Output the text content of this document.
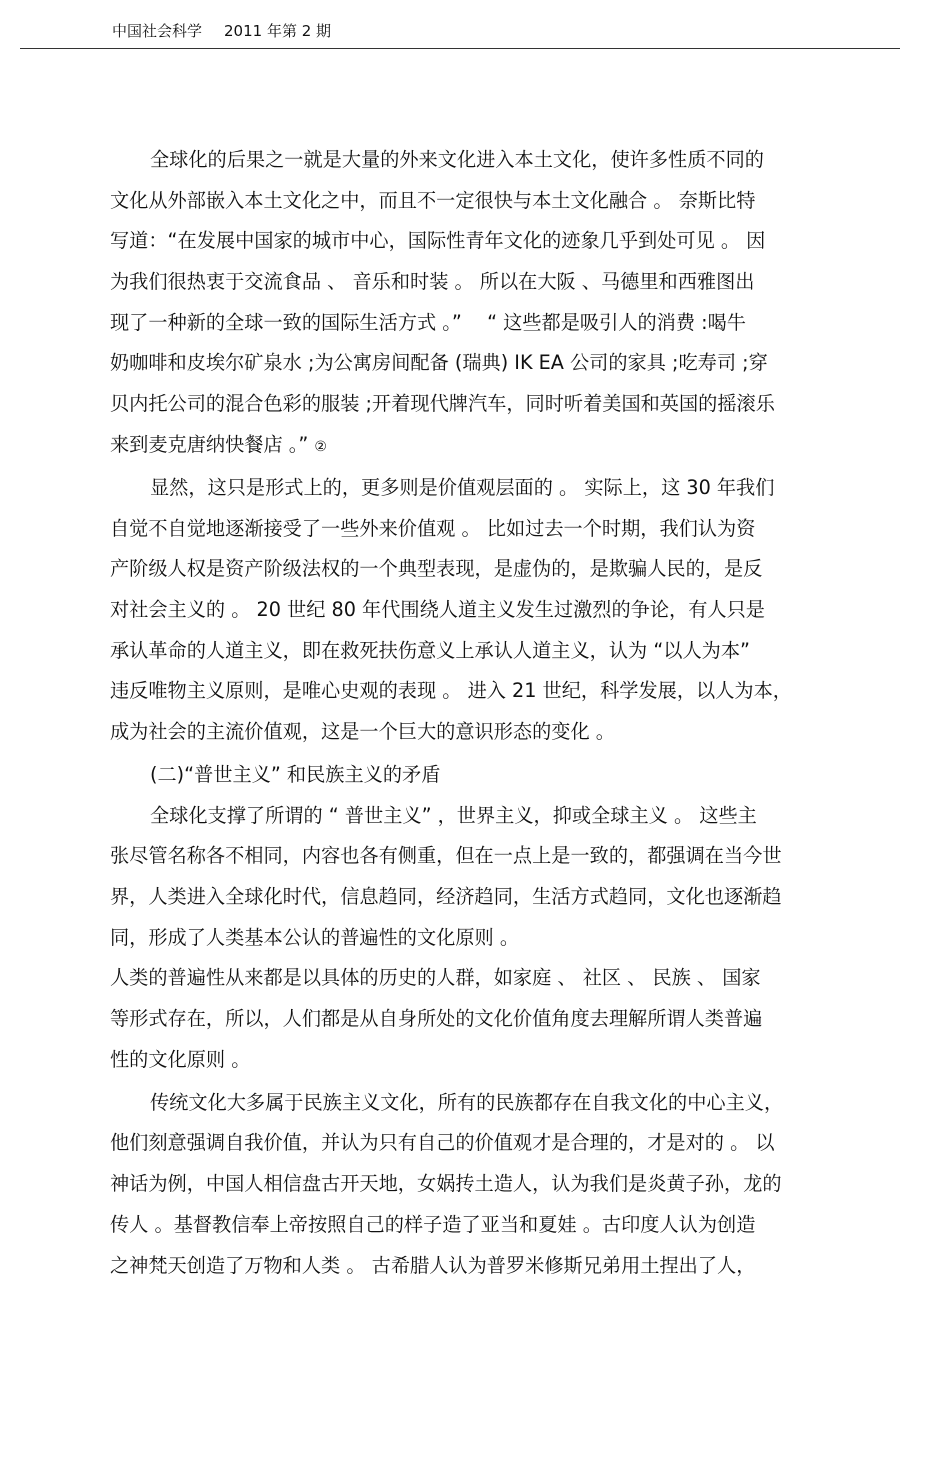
中国社会科学 2011 年第 2 期
全球化的后果之一就是大量的外来文化进入本土文化，使许多性质不同的
文化从外部嵌入本土文化之中，而且不一定很快与本土文化融合 。 奈斯比特
写道：“在发展中国家的城市中心，国际性青年文化的迹象几乎到处可见 。 因
为我们很热衷于交流食品 、 音乐和时装 。 所以在大阪 、马德里和西雅图出
现了一种新的全球一致的国际生活方式 。”　 “ 这些都是吸引人的消费 :喝牛
奶咖啡和皮埃尔矿泉水 ;为公寓房间配备 (瑞典) IK EA 公司的家具 ;吃寿司 ;穿
贝内托公司的混合色彩的服装 ;开着现代牌汽车，同时听着美国和英国的摇滚乐
来到麦克唐纳快餐店 。” ②
显然，这只是形式上的，更多则是价值观层面的 。 实际上，这 30 年我们
自觉不自觉地逐渐接受了一些外来价值观 。 比如过去一个时期，我们认为资
产阶级人权是资产阶级法权的一个典型表现，是虚伪的，是欺骗人民的，是反
对社会主义的 。 20 世纪 80 年代围绕人道主义发生过激烈的争论，有人只是
承认革命的人道主义，即在救死扶伤意义上承认人道主义，认为 “以人为本”
违反唯物主义原则，是唯心史观的表现 。 进入 21 世纪，科学发展，以人为本，
成为社会的主流价值观，这是一个巨大的意识形态的变化 。
(二)“普世主义” 和民族主义的矛盾
全球化支撑了所谓的 “ 普世主义” ，世界主义，抑或全球主义 。 这些主
张尽管名称各不相同，内容也各有侧重，但在一点上是一致的，都强调在当今世
界，人类进入全球化时代，信息趋同，经济趋同，生活方式趋同，文化也逐渐趋
同，形成了人类基本公认的普遍性的文化原则 。
人类的普遍性从来都是以具体的历史的人群，如家庭 、 社区 、 民族 、 国家
等形式存在，所以，人们都是从自身所处的文化价值角度去理解所谓人类普遍
性的文化原则 。
传统文化大多属于民族主义文化，所有的民族都存在自我文化的中心主义，
他们刻意强调自我价值，并认为只有自己的价值观才是合理的，才是对的 。 以
神话为例，中国人相信盘古开天地，女娲抟土造人，认为我们是炎黄子孙，龙的
传人 。基督教信奉上帝按照自己的样子造了亚当和夏娃 。古印度人认为创造
之神梵天创造了万物和人类 。 古希腊人认为普罗米修斯兄弟用土捏出了人，
